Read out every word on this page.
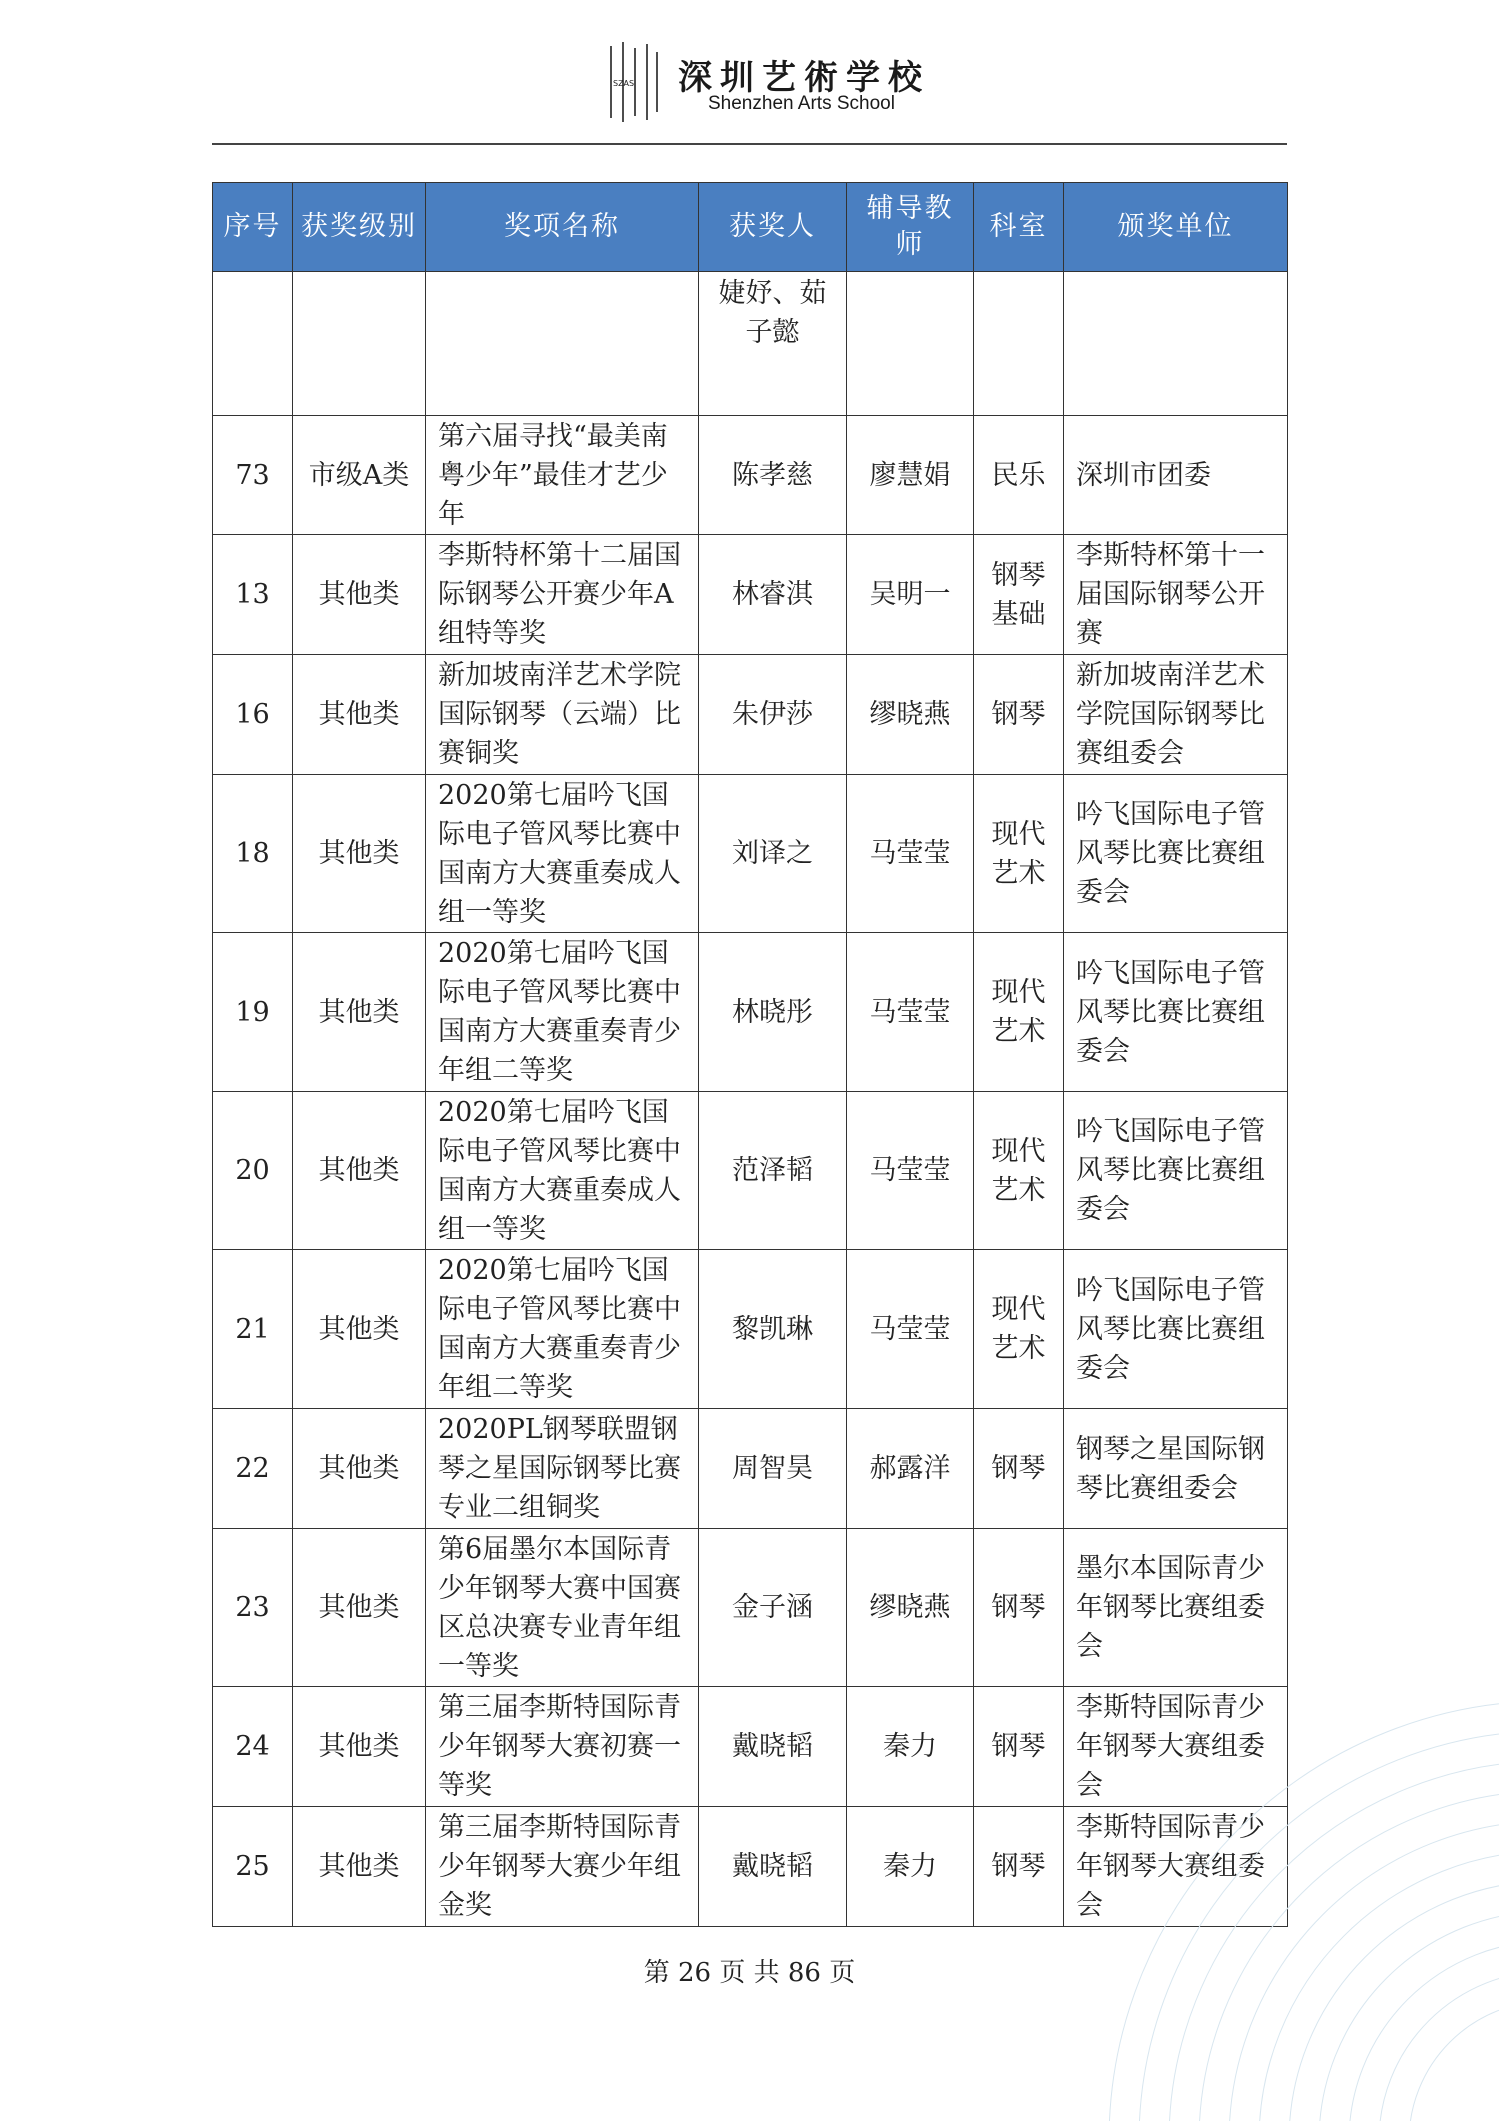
SZAS 深圳艺術学校
Shenzhen Arts School
序号	获奖级别	奖项名称	获奖人	辅导教师	科室	颁奖单位
			婕妤、茹子懿			
73	市级A类	第六届寻找“最美南粤少年”最佳才艺少年	陈孝慈	廖慧娟	民乐	深圳市团委
13	其他类	李斯特杯第十二届国际钢琴公开赛少年A组特等奖	林睿淇	吴明一	钢琴基础	李斯特杯第十一届国际钢琴公开赛
16	其他类	新加坡南洋艺术学院国际钢琴（云端）比赛铜奖	朱伊莎	缪晓燕	钢琴	新加坡南洋艺术学院国际钢琴比赛组委会
18	其他类	2020第七届吟飞国际电子管风琴比赛中国南方大赛重奏成人组一等奖	刘译之	马莹莹	现代艺术	吟飞国际电子管风琴比赛比赛组委会
19	其他类	2020第七届吟飞国际电子管风琴比赛中国南方大赛重奏青少年组二等奖	林晓彤	马莹莹	现代艺术	吟飞国际电子管风琴比赛比赛组委会
20	其他类	2020第七届吟飞国际电子管风琴比赛中国南方大赛重奏成人组一等奖	范泽韬	马莹莹	现代艺术	吟飞国际电子管风琴比赛比赛组委会
21	其他类	2020第七届吟飞国际电子管风琴比赛中国南方大赛重奏青少年组二等奖	黎凯琳	马莹莹	现代艺术	吟飞国际电子管风琴比赛比赛组委会
22	其他类	2020PL钢琴联盟钢琴之星国际钢琴比赛专业二组铜奖	周智昊	郝露洋	钢琴	钢琴之星国际钢琴比赛组委会
23	其他类	第6届墨尔本国际青少年钢琴大赛中国赛区总决赛专业青年组一等奖	金子涵	缪晓燕	钢琴	墨尔本国际青少年钢琴比赛组委会
24	其他类	第三届李斯特国际青少年钢琴大赛初赛一等奖	戴晓韬	秦力	钢琴	李斯特国际青少年钢琴大赛组委会
25	其他类	第三届李斯特国际青少年钢琴大赛少年组金奖	戴晓韬	秦力	钢琴	李斯特国际青少年钢琴大赛组委会
第 26 页 共 86 页
